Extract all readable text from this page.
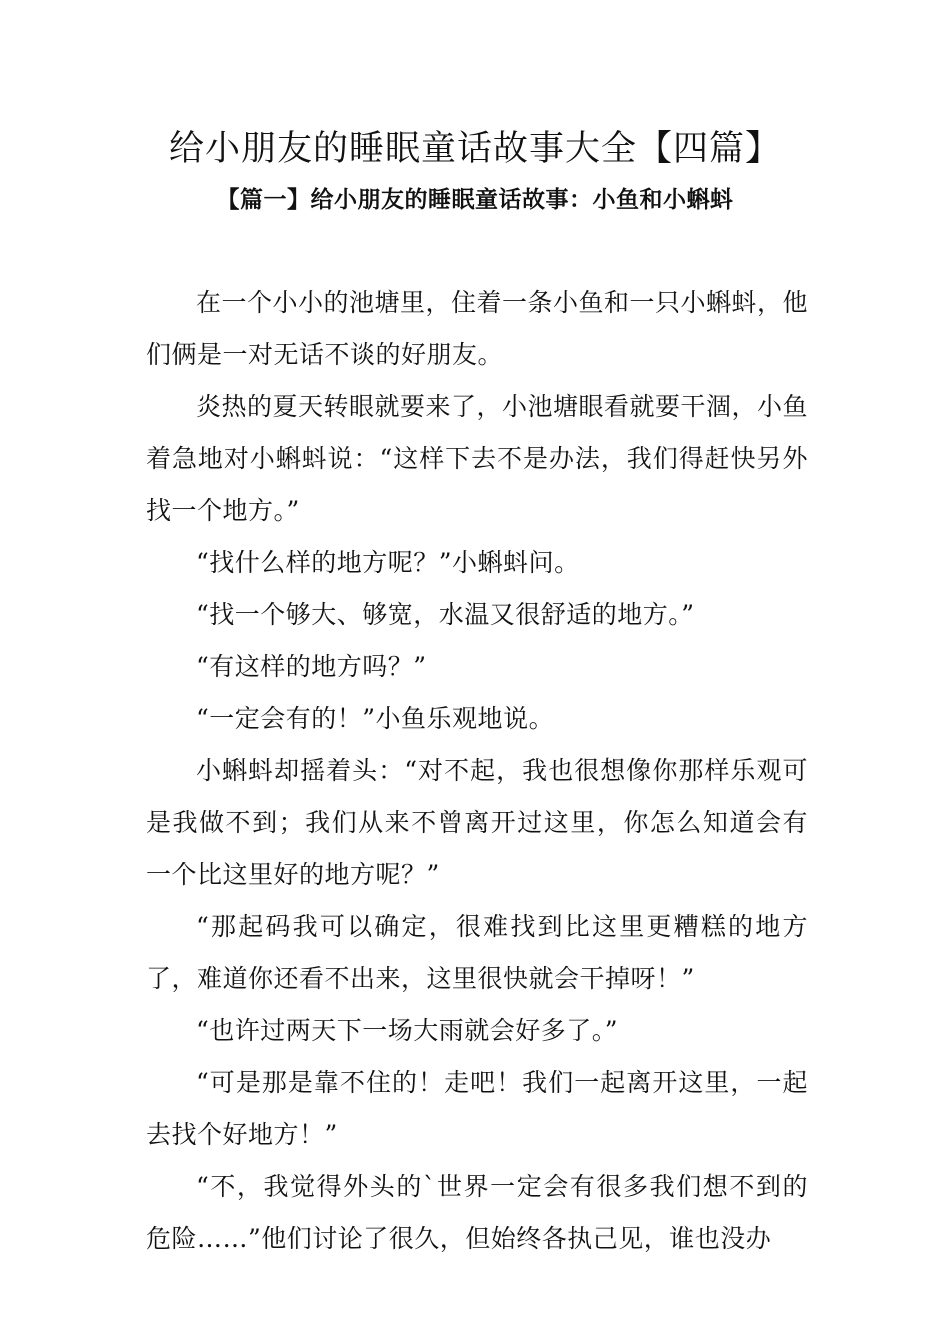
给小朋友的睡眠童话故事大全【四篇】
【篇一】给小朋友的睡眠童话故事：小鱼和小蝌蚪

在一个小小的池塘里，住着一条小鱼和一只小蝌蚪，他们俩是一对无话不谈的好朋友。

炎热的夏天转眼就要来了，小池塘眼看就要干涸，小鱼着急地对小蝌蚪说：“这样下去不是办法，我们得赶快另外找一个地方。”

“找什么样的地方呢？”小蝌蚪问。

“找一个够大、够宽，水温又很舒适的地方。”

“有这样的地方吗？”

“一定会有的！”小鱼乐观地说。

小蝌蚪却摇着头：“对不起，我也很想像你那样乐观可是我做不到；我们从来不曾离开过这里，你怎么知道会有一个比这里好的地方呢？”

“那起码我可以确定，很难找到比这里更糟糕的地方了，难道你还看不出来，这里很快就会干掉呀！”

“也许过两天下一场大雨就会好多了。”

“可是那是靠不住的！走吧！我们一起离开这里，一起去找个好地方！”

“不，我觉得外头的`世界一定会有很多我们想不到的危险……”他们讨论了很久，但始终各执己见，谁也没办
